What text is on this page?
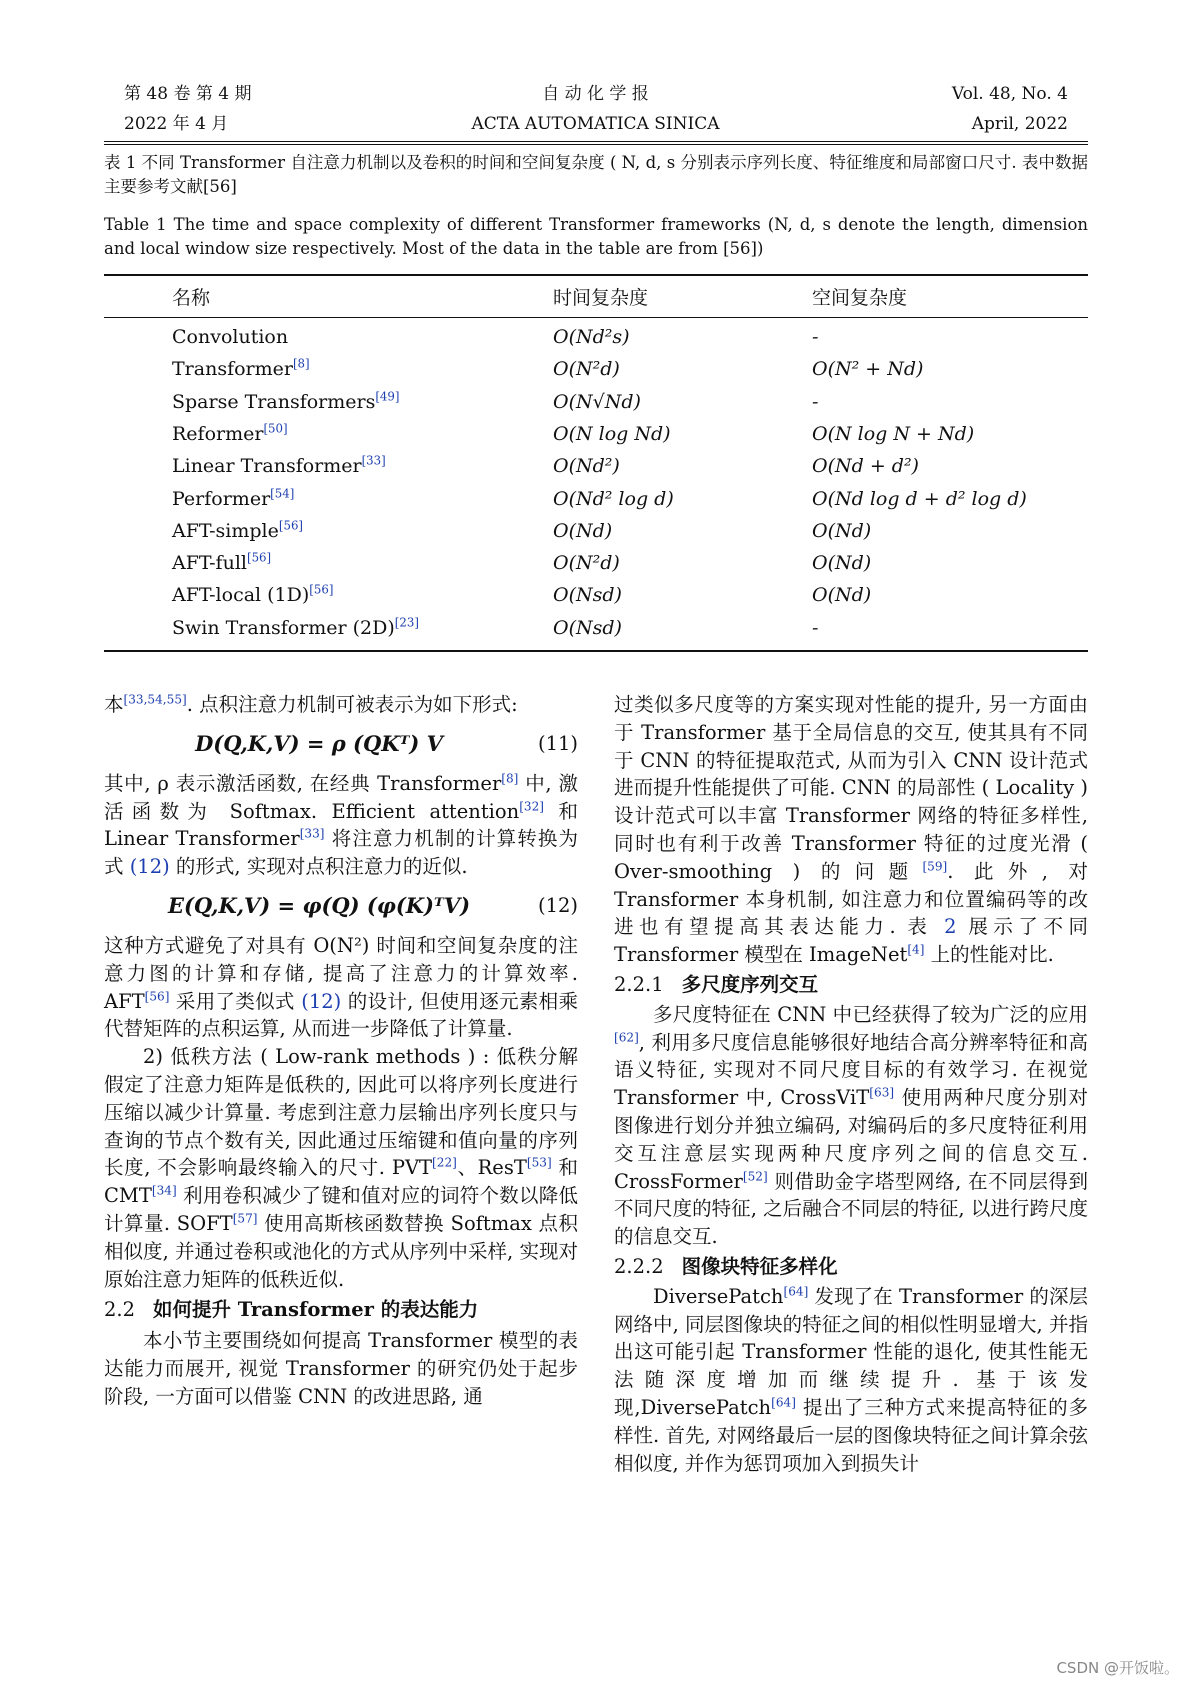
第 48 卷 第 4 期
2022 年 4 月
自 动 化 学 报
ACTA AUTOMATICA SINICA
Vol. 48, No. 4
April, 2022
表 1 不同 Transformer 自注意力机制以及卷积的时间和空间复杂度 ( N, d, s 分别表示序列长度、特征维度和局部窗口尺寸. 表中数据主要参考文献[56]
Table 1 The time and space complexity of different Transformer frameworks (N, d, s denote the length, dimension and local window size respectively. Most of the data in the table are from [56])
名称	时间复杂度	空间复杂度
Convolution	O(Nd²s)	-
Transformer[8]	O(N²d)	O(N² + Nd)
Sparse Transformers[49]	O(N√Nd)	-
Reformer[50]	O(N log Nd)	O(N log N + Nd)
Linear Transformer[33]	O(Nd²)	O(Nd + d²)
Performer[54]	O(Nd² log d)	O(Nd log d + d² log d)
AFT-simple[56]	O(Nd)	O(Nd)
AFT-full[56]	O(N²d)	O(Nd)
AFT-local (1D)[56]	O(Nsd)	O(Nd)
Swin Transformer (2D)[23]	O(Nsd)	-

本[33,54,55]. 点积注意力机制可被表示为如下形式:

D(Q,K,V) = ρ (QKᵀ) V	(11)

其中, ρ 表示激活函数, 在经典 Transformer[8] 中, 激活函数为 Softmax. Efficient attention[32] 和 Linear Transformer[33] 将注意力机制的计算转换为式 (12) 的形式, 实现对点积注意力的近似.

E(Q,K,V) = φ(Q) (φ(K)ᵀV)	(12)

这种方式避免了对具有 O(N²) 时间和空间复杂度的注意力图的计算和存储, 提高了注意力的计算效率. AFT[56] 采用了类似式 (12) 的设计, 但使用逐元素相乘代替矩阵的点积运算, 从而进一步降低了计算量.

2) 低秩方法 ( Low-rank methods ) : 低秩分解假定了注意力矩阵是低秩的, 因此可以将序列长度进行压缩以减少计算量. 考虑到注意力层输出序列长度只与查询的节点个数有关, 因此通过压缩键和值向量的序列长度, 不会影响最终输入的尺寸. PVT[22]、ResT[53] 和 CMT[34] 利用卷积减少了键和值对应的词符个数以降低计算量. SOFT[57] 使用高斯核函数替换 Softmax 点积相似度, 并通过卷积或池化的方式从序列中采样, 实现对原始注意力矩阵的低秩近似.

2.2 如何提升 Transformer 的表达能力

本小节主要围绕如何提高 Transformer 模型的表达能力而展开, 视觉 Transformer 的研究仍处于起步阶段, 一方面可以借鉴 CNN 的改进思路, 通

过类似多尺度等的方案实现对性能的提升, 另一方面由于 Transformer 基于全局信息的交互, 使其具有不同于 CNN 的特征提取范式, 从而为引入 CNN 设计范式进而提升性能提供了可能. CNN 的局部性 ( Locality ) 设计范式可以丰富 Transformer 网络的特征多样性, 同时也有利于改善 Transformer 特征的过度光滑 ( Over-smoothing ) 的问题[59]. 此外, 对 Transformer 本身机制, 如注意力和位置编码等的改进也有望提高其表达能力. 表 2 展示了不同 Transformer 模型在 ImageNet[4] 上的性能对比.

2.2.1 多尺度序列交互

多尺度特征在 CNN 中已经获得了较为广泛的应用[62], 利用多尺度信息能够很好地结合高分辨率特征和高语义特征, 实现对不同尺度目标的有效学习. 在视觉 Transformer 中, CrossViT[63] 使用两种尺度分别对图像进行划分并独立编码, 对编码后的多尺度特征利用交互注意层实现两种尺度序列之间的信息交互. CrossFormer[52] 则借助金字塔型网络, 在不同层得到不同尺度的特征, 之后融合不同层的特征, 以进行跨尺度的信息交互.

2.2.2 图像块特征多样化

DiversePatch[64] 发现了在 Transformer 的深层网络中, 同层图像块的特征之间的相似性明显增大, 并指出这可能引起 Transformer 性能的退化, 使其性能无法随深度增加而继续提升. 基于该发现,DiversePatch[64] 提出了三种方式来提高特征的多样性. 首先, 对网络最后一层的图像块特征之间计算余弦相似度, 并作为惩罚项加入到损失计

CSDN @开饭啦。
